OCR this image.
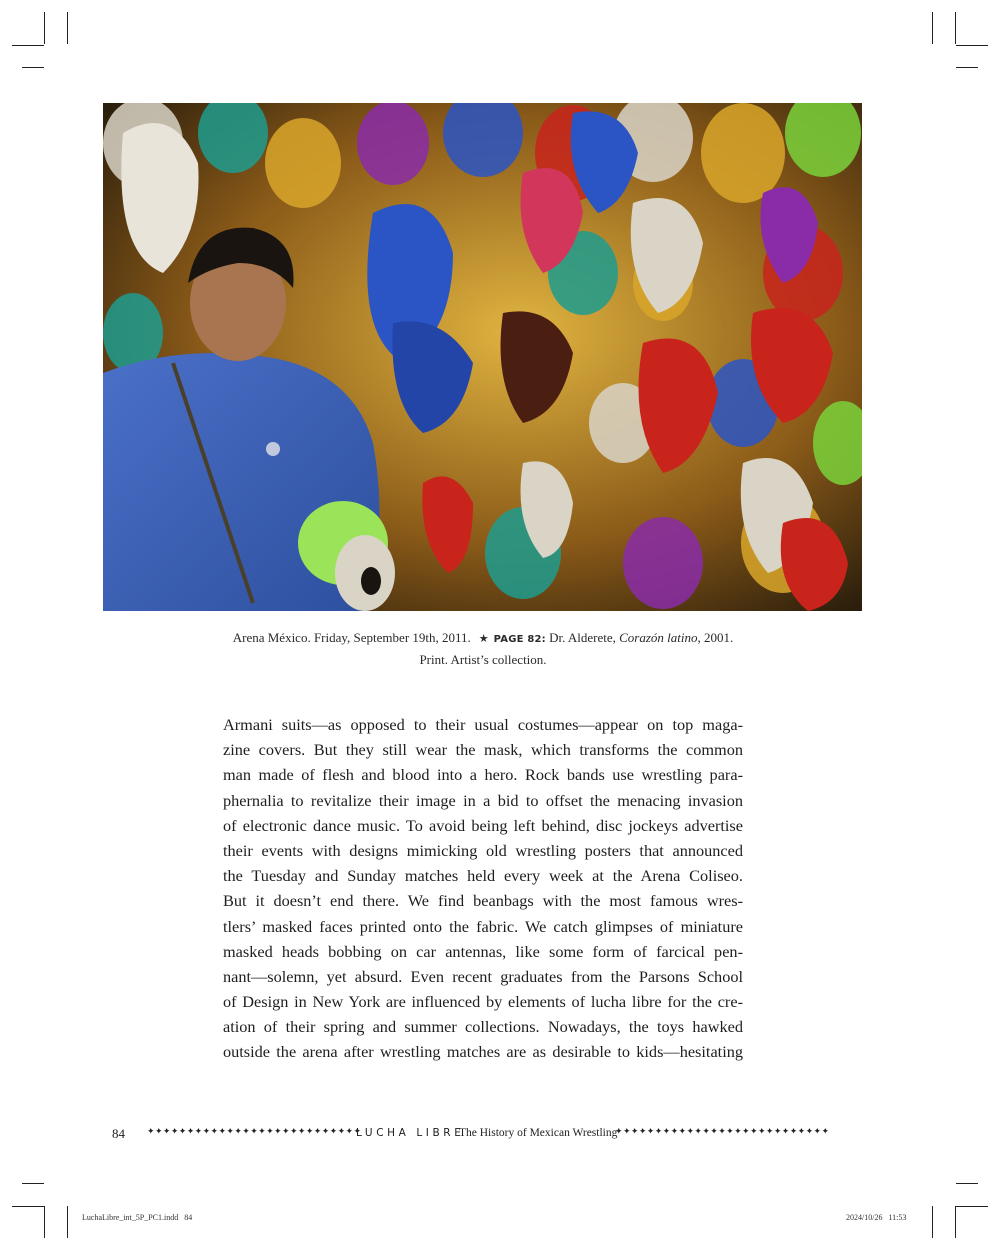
Arena México. Friday, September 19th, 2011. ★ PAGE 82: Dr. Alderete, Corazón latino, 2001.
Print. Artist’s collection.
Armani suits—as opposed to their usual costumes—appear on top maga-
zine covers. But they still wear the mask, which transforms the common
man made of flesh and blood into a hero. Rock bands use wrestling para-
phernalia to revitalize their image in a bid to offset the menacing invasion
of electronic dance music. To avoid being left behind, disc jockeys advertise
their events with designs mimicking old wrestling posters that announced
the Tuesday and Sunday matches held every week at the Arena Coliseo.
But it doesn’t end there. We find beanbags with the most famous wres-
tlers’ masked faces printed onto the fabric. We catch glimpses of miniature
masked heads bobbing on car antennas, like some form of farcical pen-
nant—solemn, yet absurd. Even recent graduates from the Parsons School
of Design in New York are influenced by elements of lucha libre for the cre-
ation of their spring and summer collections. Nowadays, the toys hawked
outside the arena after wrestling matches are as desirable to kids—hesitating
84 ✦✦✦✦✦✦✦✦✦✦✦✦✦✦✦✦✦✦✦✦✦✦✦✦✦✦✦
LUCHA LIBRE
The History of Mexican Wrestling
✦✦✦✦✦✦✦✦✦✦✦✦✦✦✦✦✦✦✦✦✦✦✦✦✦✦✦
LuchaLibre_int_5P_PC1.indd   84	2024/10/26   11:53
